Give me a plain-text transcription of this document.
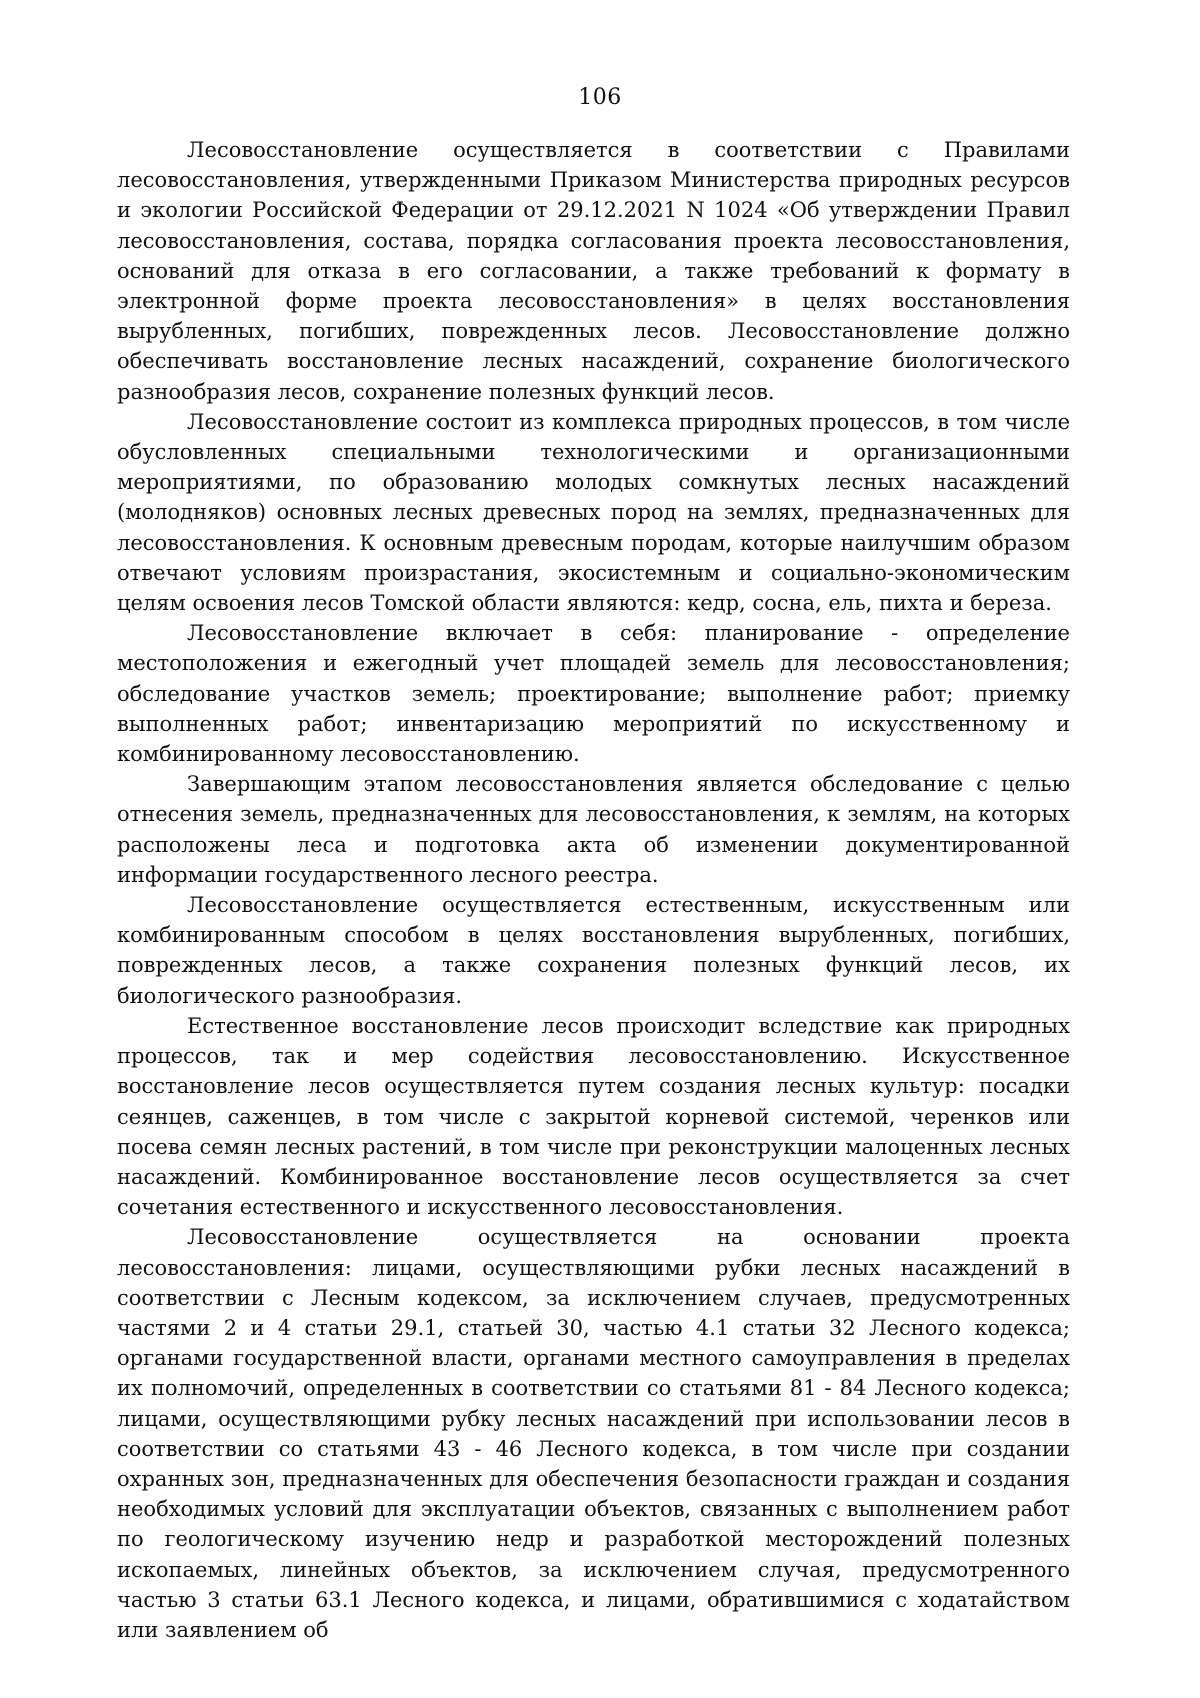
106

Лесовосстановление осуществляется в соответствии с Правилами лесовосстановления, утвержденными Приказом Министерства природных ресурсов и экологии Российской Федерации от 29.12.2021 N 1024 «Об утверждении Правил лесовосстановления, состава, порядка согласования проекта лесовосстановления, оснований для отказа в его согласовании, а также требований к формату в электронной форме проекта лесовосстановления» в целях восстановления вырубленных, погибших, поврежденных лесов. Лесовосстановление должно обеспечивать восстановление лесных насаждений, сохранение биологического разнообразия лесов, сохранение полезных функций лесов.

Лесовосстановление состоит из комплекса природных процессов, в том числе обусловленных специальными технологическими и организационными мероприятиями, по образованию молодых сомкнутых лесных насаждений (молодняков) основных лесных древесных пород на землях, предназначенных для лесовосстановления. К основным древесным породам, которые наилучшим образом отвечают условиям произрастания, экосистемным и социально-экономическим целям освоения лесов Томской области являются: кедр, сосна, ель, пихта и береза.

Лесовосстановление включает в себя: планирование - определение местоположения и ежегодный учет площадей земель для лесовосстановления; обследование участков земель; проектирование; выполнение работ; приемку выполненных работ; инвентаризацию мероприятий по искусственному и комбинированному лесовосстановлению.

Завершающим этапом лесовосстановления является обследование с целью отнесения земель, предназначенных для лесовосстановления, к землям, на которых расположены леса и подготовка акта об изменении документированной информации государственного лесного реестра.

Лесовосстановление осуществляется естественным, искусственным или комбинированным способом в целях восстановления вырубленных, погибших, поврежденных лесов, а также сохранения полезных функций лесов, их биологического разнообразия.

Естественное восстановление лесов происходит вследствие как природных процессов, так и мер содействия лесовосстановлению. Искусственное восстановление лесов осуществляется путем создания лесных культур: посадки сеянцев, саженцев, в том числе с закрытой корневой системой, черенков или посева семян лесных растений, в том числе при реконструкции малоценных лесных насаждений. Комбинированное восстановление лесов осуществляется за счет сочетания естественного и искусственного лесовосстановления.

Лесовосстановление осуществляется на основании проекта лесовосстановления: лицами, осуществляющими рубки лесных насаждений в соответствии с Лесным кодексом, за исключением случаев, предусмотренных частями 2 и 4 статьи 29.1, статьей 30, частью 4.1 статьи 32 Лесного кодекса; органами государственной власти, органами местного самоуправления в пределах их полномочий, определенных в соответствии со статьями 81 - 84 Лесного кодекса; лицами, осуществляющими рубку лесных насаждений при использовании лесов в соответствии со статьями 43 - 46 Лесного кодекса, в том числе при создании охранных зон, предназначенных для обеспечения безопасности граждан и создания необходимых условий для эксплуатации объектов, связанных с выполнением работ по геологическому изучению недр и разработкой месторождений полезных ископаемых, линейных объектов, за исключением случая, предусмотренного частью 3 статьи 63.1 Лесного кодекса, и лицами, обратившимися с ходатайством или заявлением об
